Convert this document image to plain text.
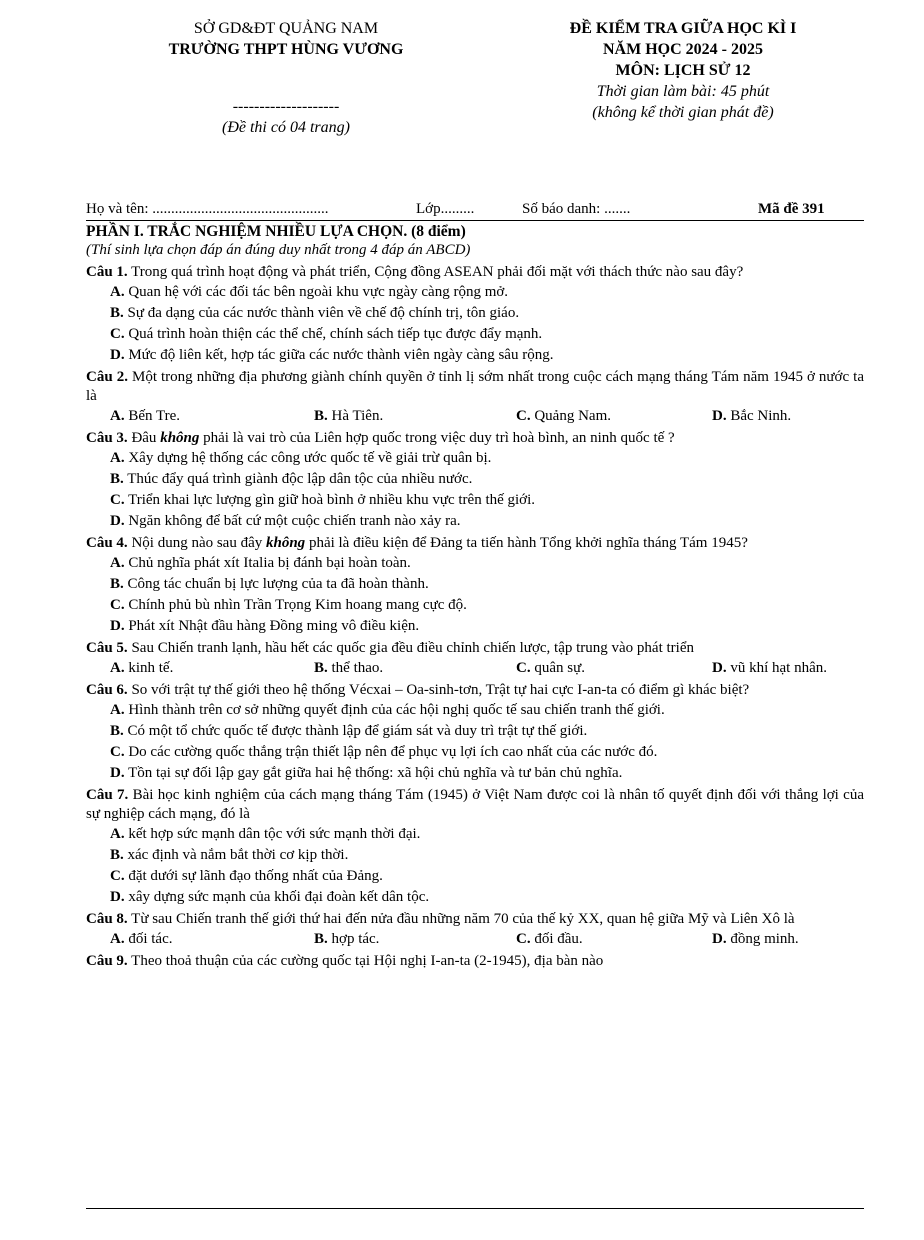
SỞ GD&ĐT QUẢNG NAM
TRƯỜNG THPT HÙNG VƯƠNG
--------------------
(Đề thi có 04 trang)
ĐỀ KIỂM TRA GIỮA HỌC KÌ I
NĂM HỌC 2024 - 2025
MÔN: LỊCH SỬ 12
Thời gian làm bài: 45 phút
(không kể thời gian phát đề)
Họ và tên: ...............................................	Lớp.........	Số báo danh: .......	Mã đề 391
PHẦN I. TRẮC NGHIỆM NHIỀU LỰA CHỌN. (8 điểm)
(Thí sinh lựa chọn đáp án đúng duy nhất trong 4 đáp án ABCD)
Câu 1. Trong quá trình hoạt động và phát triển, Cộng đồng ASEAN phải đối mặt với thách thức nào sau đây?
A. Quan hệ với các đối tác bên ngoài khu vực ngày càng rộng mở.
B. Sự đa dạng của các nước thành viên về chế độ chính trị, tôn giáo.
C. Quá trình hoàn thiện các thể chế, chính sách tiếp tục được đẩy mạnh.
D. Mức độ liên kết, hợp tác giữa các nước thành viên ngày càng sâu rộng.
Câu 2. Một trong những địa phương giành chính quyền ở tỉnh lị sớm nhất trong cuộc cách mạng tháng Tám năm 1945 ở nước ta là
A. Bến Tre.	B. Hà Tiên.	C. Quảng Nam.	D. Bắc Ninh.
Câu 3. Đâu không phải là vai trò của Liên hợp quốc trong việc duy trì hoà bình, an ninh quốc tế ?
A. Xây dựng hệ thống các công ước quốc tế về giải trừ quân bị.
B. Thúc đẩy quá trình giành độc lập dân tộc của nhiều nước.
C. Triển khai lực lượng gìn giữ hoà bình ở nhiều khu vực trên thế giới.
D. Ngăn không để bất cứ một cuộc chiến tranh nào xảy ra.
Câu 4. Nội dung nào sau đây không phải là điều kiện để Đảng ta tiến hành Tổng khởi nghĩa tháng Tám 1945?
A. Chủ nghĩa phát xít Italia bị đánh bại hoàn toàn.
B. Công tác chuẩn bị lực lượng của ta đã hoàn thành.
C. Chính phủ bù nhìn Trần Trọng Kim hoang mang cực độ.
D. Phát xít Nhật đầu hàng Đồng ming vô điều kiện.
Câu 5. Sau Chiến tranh lạnh, hầu hết các quốc gia đều điều chỉnh chiến lược, tập trung vào phát triển
A. kinh tế.	B. thể thao.	C. quân sự.	D. vũ khí hạt nhân.
Câu 6. So với trật tự thế giới theo hệ thống Vécxai – Oa-sinh-tơn, Trật tự hai cực I-an-ta có điểm gì khác biệt?
A. Hình thành trên cơ sở những quyết định của các hội nghị quốc tế sau chiến tranh thế giới.
B. Có một tổ chức quốc tế được thành lập để giám sát và duy trì trật tự thế giới.
C. Do các cường quốc thắng trận thiết lập nên để phục vụ lợi ích cao nhất của các nước đó.
D. Tồn tại sự đối lập gay gắt giữa hai hệ thống: xã hội chủ nghĩa và tư bản chủ nghĩa.
Câu 7. Bài học kinh nghiệm của cách mạng tháng Tám (1945) ở Việt Nam được coi là nhân tố quyết định đối với thắng lợi của sự nghiệp cách mạng, đó là
A. kết hợp sức mạnh dân tộc với sức mạnh thời đại.
B. xác định và nắm bắt thời cơ kịp thời.
C. đặt dưới sự lãnh đạo thống nhất của Đảng.
D. xây dựng sức mạnh của khối đại đoàn kết dân tộc.
Câu 8. Từ sau Chiến tranh thế giới thứ hai đến nửa đầu những năm 70 của thế kỷ XX, quan hệ giữa Mỹ và Liên Xô là
A. đối tác.	B. hợp tác.	C. đối đầu.	D. đồng minh.
Câu 9. Theo thoả thuận của các cường quốc tại Hội nghị I-an-ta (2-1945), địa bàn nào
